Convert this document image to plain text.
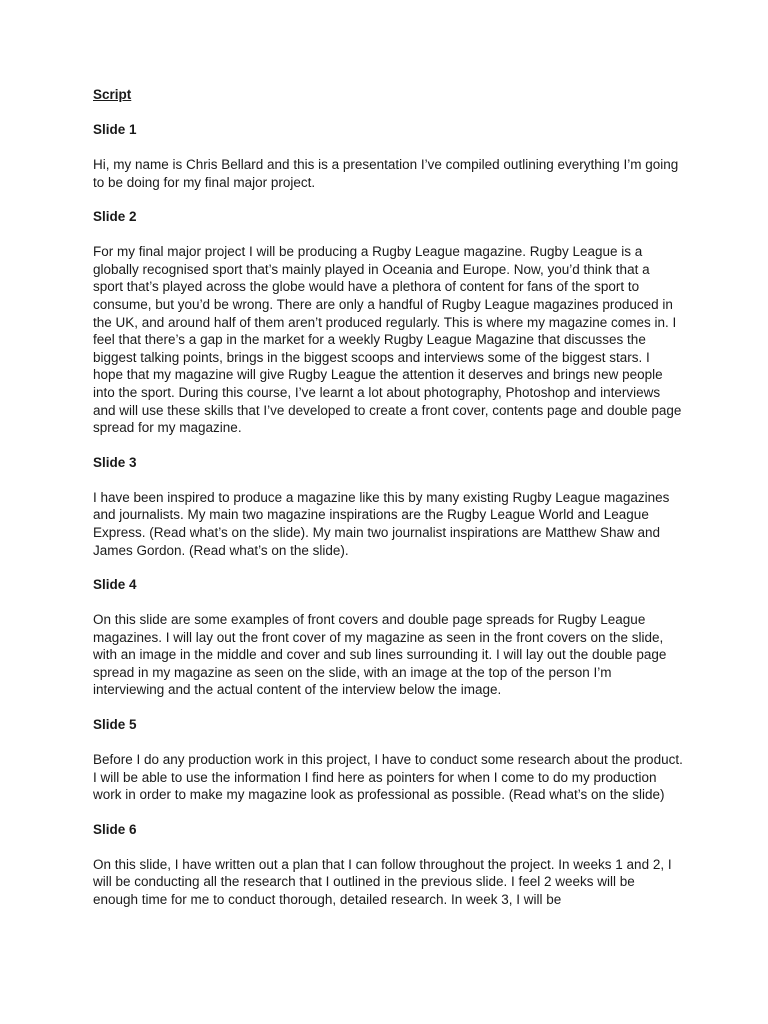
Script
Slide 1
Hi, my name is Chris Bellard and this is a presentation I’ve compiled outlining everything I’m going to be doing for my final major project.
Slide 2
For my final major project I will be producing a Rugby League magazine. Rugby League is a globally recognised sport that’s mainly played in Oceania and Europe. Now, you’d think that a sport that’s played across the globe would have a plethora of content for fans of the sport to consume, but you’d be wrong. There are only a handful of Rugby League magazines produced in the UK, and around half of them aren’t produced regularly. This is where my magazine comes in. I feel that there’s a gap in the market for a weekly Rugby League Magazine that discusses the biggest talking points, brings in the biggest scoops and interviews some of the biggest stars. I hope that my magazine will give Rugby League the attention it deserves and brings new people into the sport. During this course, I’ve learnt a lot about photography, Photoshop and interviews and will use these skills that I’ve developed to create a front cover, contents page and double page spread for my magazine.
Slide 3
I have been inspired to produce a magazine like this by many existing Rugby League magazines and journalists. My main two magazine inspirations are the Rugby League World and League Express. (Read what’s on the slide). My main two journalist inspirations are Matthew Shaw and James Gordon. (Read what’s on the slide).
Slide 4
On this slide are some examples of front covers and double page spreads for Rugby League magazines. I will lay out the front cover of my magazine as seen in the front covers on the slide, with an image in the middle and cover and sub lines surrounding it. I will lay out the double page spread in my magazine as seen on the slide, with an image at the top of the person I’m interviewing and the actual content of the interview below the image.
Slide 5
Before I do any production work in this project, I have to conduct some research about the product. I will be able to use the information I find here as pointers for when I come to do my production work in order to make my magazine look as professional as possible. (Read what’s on the slide)
Slide 6
On this slide, I have written out a plan that I can follow throughout the project. In weeks 1 and 2, I will be conducting all the research that I outlined in the previous slide. I feel 2 weeks will be enough time for me to conduct thorough, detailed research. In week 3, I will be
